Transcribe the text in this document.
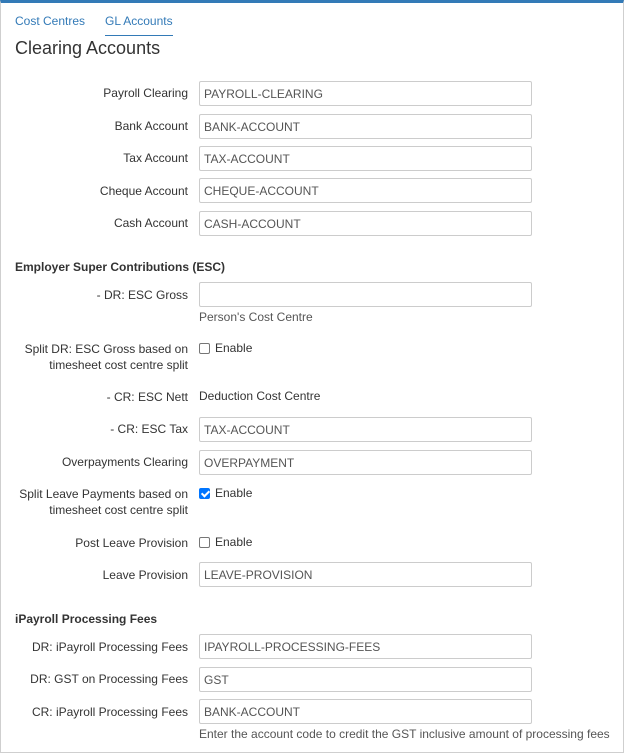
Cost Centres GL Accounts
Clearing Accounts
Payroll Clearing
PAYROLL-CLEARING
Bank Account
BANK-ACCOUNT
Tax Account
TAX-ACCOUNT
Cheque Account
CHEQUE-ACCOUNT
Cash Account
CASH-ACCOUNT
Employer Super Contributions (ESC)
- DR: ESC Gross
Person's Cost Centre
Split DR: ESC Gross based on
timesheet cost centre split
Enable
- CR: ESC Nett Deduction Cost Centre
- CR: ESC Tax
TAX-ACCOUNT
Overpayments Clearing
OVERPAYMENT
Split Leave Payments based on
timesheet cost centre split
Enable
Post Leave Provision Enable
Leave Provision
LEAVE-PROVISION
iPayroll Processing Fees
DR: iPayroll Processing Fees
IPAYROLL-PROCESSING-FEES
DR: GST on Processing Fees
GST
CR: iPayroll Processing Fees
BANK-ACCOUNT
Enter the account code to credit the GST inclusive amount of processing fees
